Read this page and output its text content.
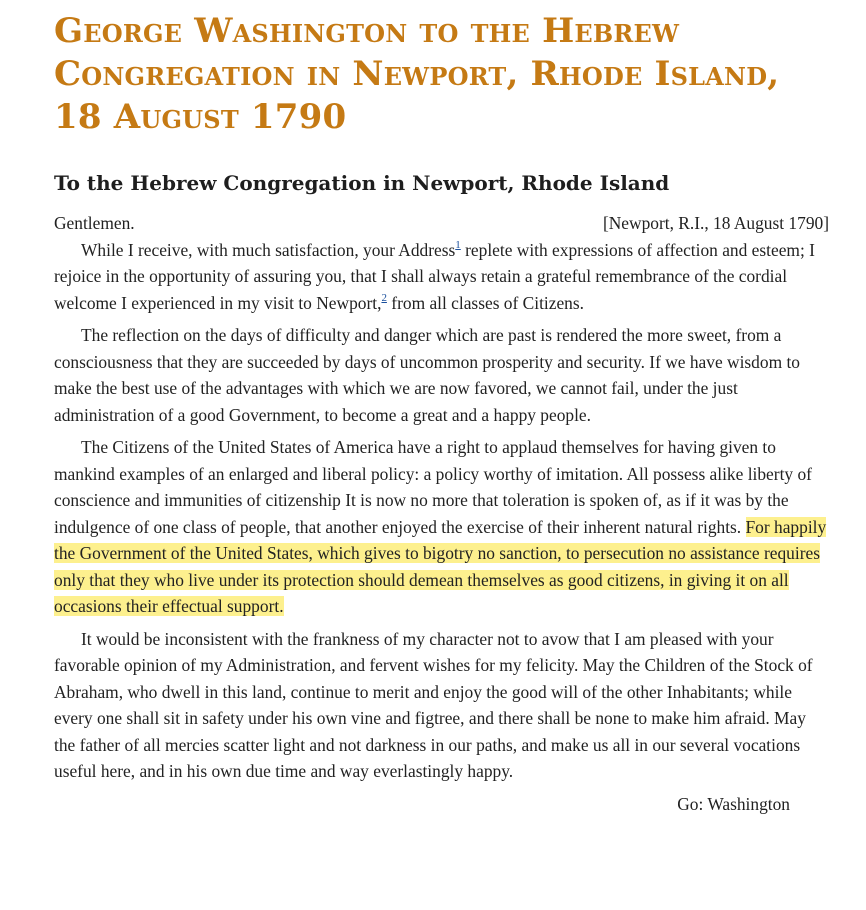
George Washington to the Hebrew Congregation in Newport, Rhode Island, 18 August 1790
To the Hebrew Congregation in Newport, Rhode Island
Gentlemen.	[Newport, R.I., 18 August 1790]

While I receive, with much satisfaction, your Address$^1$ replete with expressions of affection and esteem; I rejoice in the opportunity of assuring you, that I shall always retain a grateful remembrance of the cordial welcome I experienced in my visit to Newport,$^2$ from all classes of Citizens.

The reflection on the days of difficulty and danger which are past is rendered the more sweet, from a consciousness that they are succeeded by days of uncommon prosperity and security. If we have wisdom to make the best use of the advantages with which we are now favored, we cannot fail, under the just administration of a good Government, to become a great and a happy people.

The Citizens of the United States of America have a right to applaud themselves for having given to mankind examples of an enlarged and liberal policy: a policy worthy of imitation. All possess alike liberty of conscience and immunities of citizenship It is now no more that toleration is spoken of, as if it was by the indulgence of one class of people, that another enjoyed the exercise of their inherent natural rights. For happily the Government of the United States, which gives to bigotry no sanction, to persecution no assistance requires only that they who live under its protection should demean themselves as good citizens, in giving it on all occasions their effectual support.

It would be inconsistent with the frankness of my character not to avow that I am pleased with your favorable opinion of my Administration, and fervent wishes for my felicity. May the Children of the Stock of Abraham, who dwell in this land, continue to merit and enjoy the good will of the other Inhabitants; while every one shall sit in safety under his own vine and figtree, and there shall be none to make him afraid. May the father of all mercies scatter light and not darkness in our paths, and make us all in our several vocations useful here, and in his own due time and way everlastingly happy.

Go: Washington
